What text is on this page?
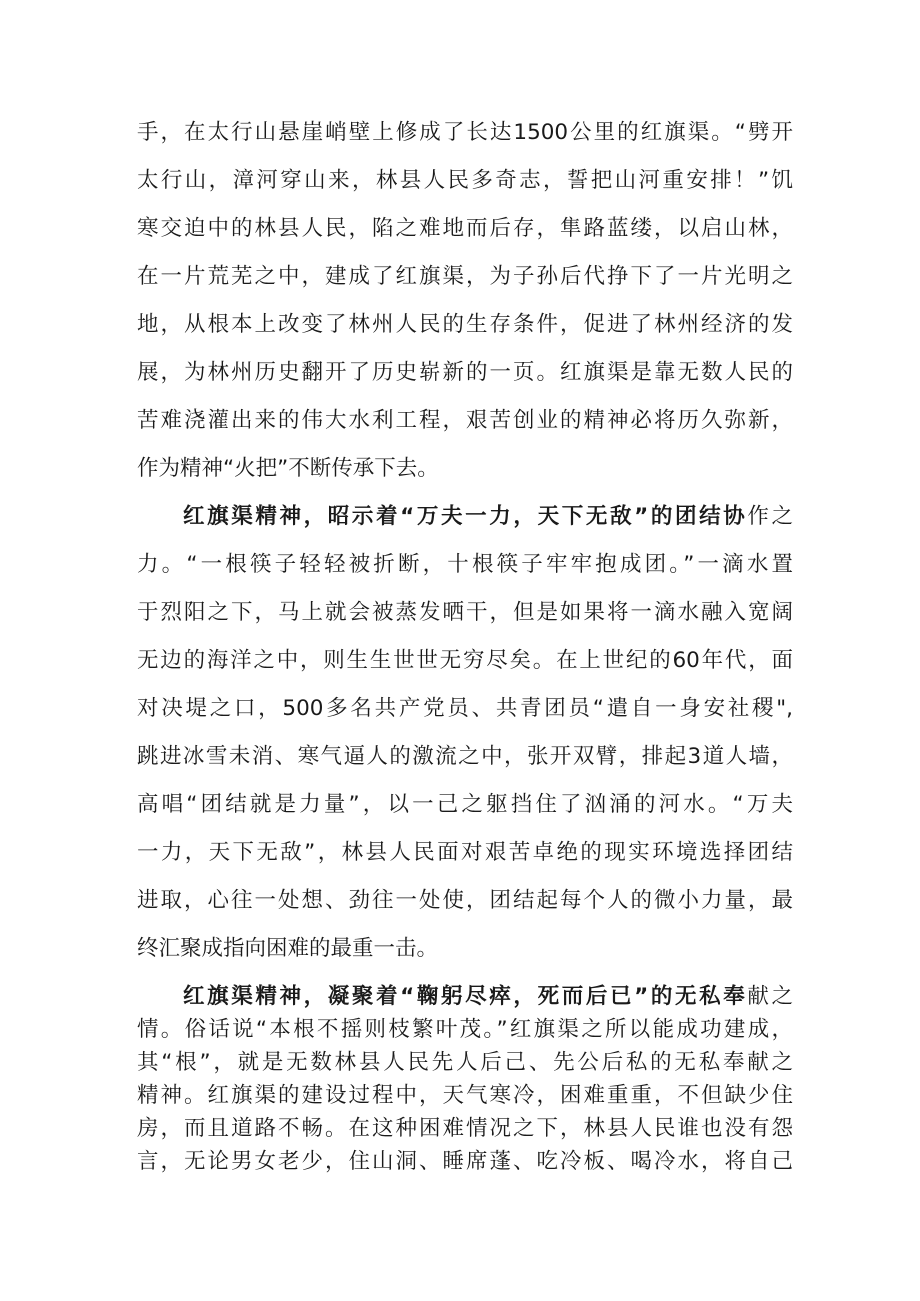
手，在太行山悬崖峭壁上修成了长达1500公里的红旗渠。“劈开

太行山，漳河穿山来，林县人民多奇志，誓把山河重安排！”饥

寒交迫中的林县人民，陷之难地而后存，隼路蓝缕，以启山林，

在一片荒芜之中，建成了红旗渠，为子孙后代挣下了一片光明之

地，从根本上改变了林州人民的生存条件，促进了林州经济的发

展，为林州历史翻开了历史崭新的一页。红旗渠是靠无数人民的

苦难浇灌出来的伟大水利工程，艰苦创业的精神必将历久弥新，

作为精神“火把”不断传承下去。

红旗渠精神，昭示着“万夫一力，天下无敌”的团结协作之

力。“一根筷子轻轻被折断，十根筷子牢牢抱成团。”一滴水置

于烈阳之下，马上就会被蒸发晒干，但是如果将一滴水融入宽阔

无边的海洋之中，则生生世世无穷尽矣。在上世纪的60年代，面

对决堤之口，500多名共产党员、共青团员“遣自一身安社稷",

跳进冰雪未消、寒气逼人的激流之中，张开双臂，排起3道人墙，

高唱“团结就是力量”，以一己之躯挡住了汹涌的河水。“万夫

一力，天下无敌”，林县人民面对艰苦卓绝的现实环境选择团结

进取，心往一处想、劲往一处使，团结起每个人的微小力量，最

终汇聚成指向困难的最重一击。

红旗渠精神，凝聚着“鞠躬尽瘁，死而后已”的无私奉献之

情。俗话说“本根不摇则枝繁叶茂。”红旗渠之所以能成功建成，

其“根”，就是无数林县人民先人后己、先公后私的无私奉献之

精神。红旗渠的建设过程中，天气寒冷，困难重重，不但缺少住

房，而且道路不畅。在这种困难情况之下，林县人民谁也没有怨

言，无论男女老少，住山洞、睡席蓬、吃冷板、喝冷水，将自己
